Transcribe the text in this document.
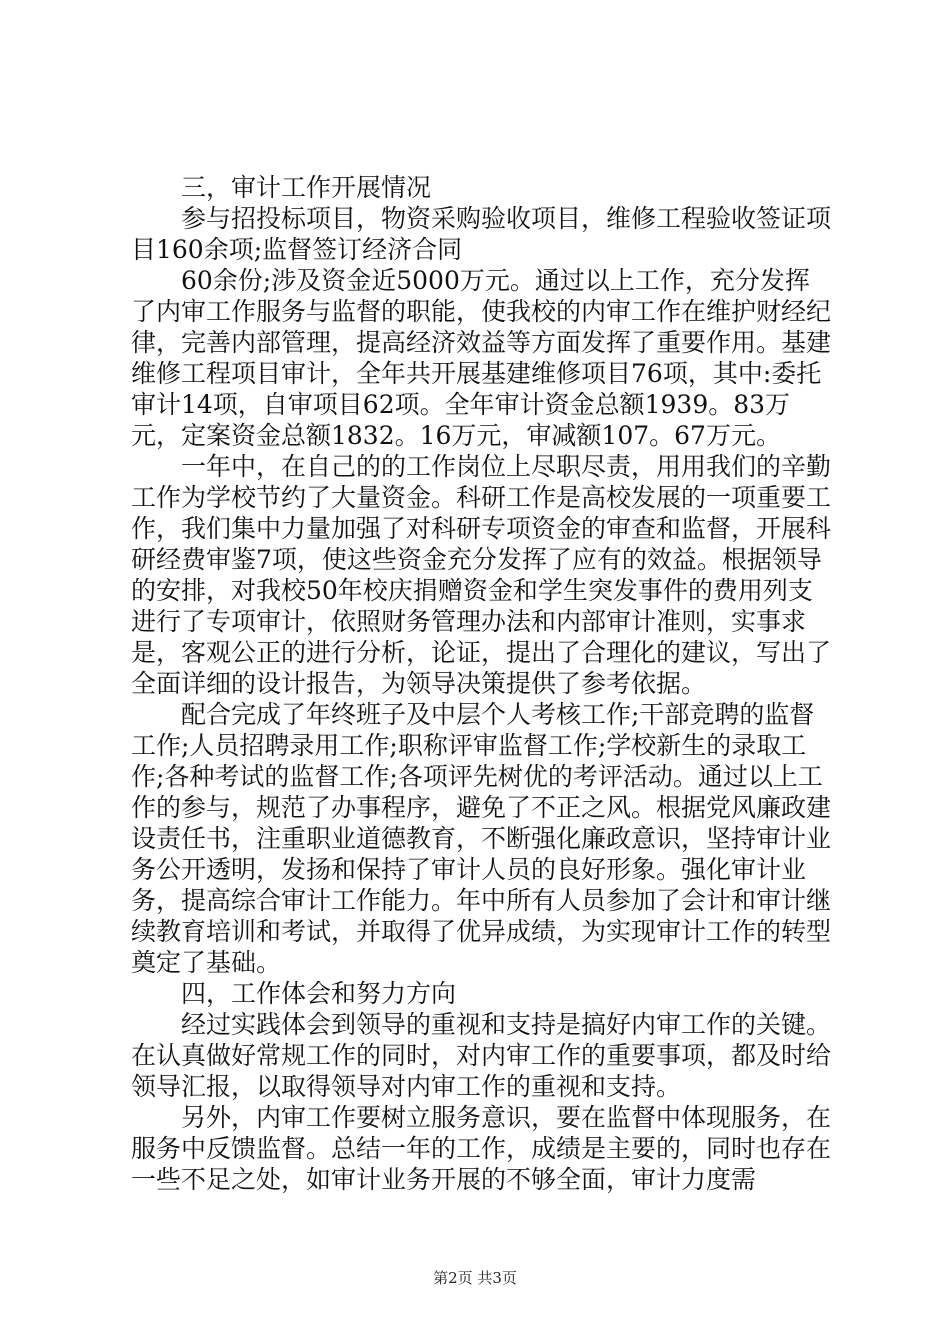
三，审计工作开展情况

参与招投标项目，物资采购验收项目，维修工程验收签证项目160余项;监督签订经济合同

60余份;涉及资金近5000万元。通过以上工作，充分发挥了内审工作服务与监督的职能，使我校的内审工作在维护财经纪律，完善内部管理，提高经济效益等方面发挥了重要作用。基建维修工程项目审计，全年共开展基建维修项目76项，其中:委托审计14项，自审项目62项。全年审计资金总额1939。83万元，定案资金总额1832。16万元，审减额107。67万元。

一年中，在自己的的工作岗位上尽职尽责，用用我们的辛勤工作为学校节约了大量资金。科研工作是高校发展的一项重要工作，我们集中力量加强了对科研专项资金的审查和监督，开展科研经费审鉴7项，使这些资金充分发挥了应有的效益。根据领导的安排，对我校50年校庆捐赠资金和学生突发事件的费用列支进行了专项审计，依照财务管理办法和内部审计准则，实事求是，客观公正的进行分析，论证，提出了合理化的建议，写出了全面详细的设计报告，为领导决策提供了参考依据。

配合完成了年终班子及中层个人考核工作;干部竞聘的监督工作;人员招聘录用工作;职称评审监督工作;学校新生的录取工作;各种考试的监督工作;各项评先树优的考评活动。通过以上工作的参与，规范了办事程序，避免了不正之风。根据党风廉政建设责任书，注重职业道德教育，不断强化廉政意识，坚持审计业务公开透明，发扬和保持了审计人员的良好形象。强化审计业务，提高综合审计工作能力。年中所有人员参加了会计和审计继续教育培训和考试，并取得了优异成绩，为实现审计工作的转型奠定了基础。

四，工作体会和努力方向

经过实践体会到领导的重视和支持是搞好内审工作的关键。在认真做好常规工作的同时，对内审工作的重要事项，都及时给领导汇报，以取得领导对内审工作的重视和支持。

另外，内审工作要树立服务意识，要在监督中体现服务，在服务中反馈监督。总结一年的工作，成绩是主要的，同时也存在一些不足之处，如审计业务开展的不够全面，审计力度需

第2页 共3页
